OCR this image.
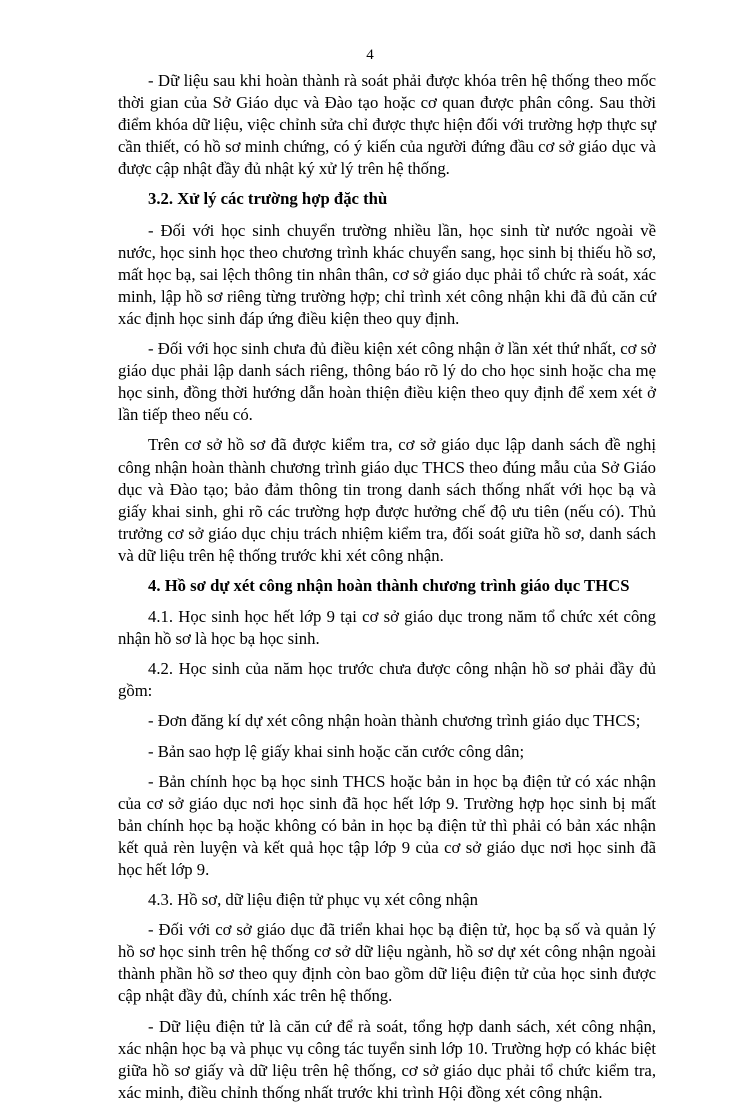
4

- Dữ liệu sau khi hoàn thành rà soát phải được khóa trên hệ thống theo mốc thời gian của Sở Giáo dục và Đào tạo hoặc cơ quan được phân công. Sau thời điểm khóa dữ liệu, việc chỉnh sửa chỉ được thực hiện đối với trường hợp thực sự cần thiết, có hồ sơ minh chứng, có ý kiến của người đứng đầu cơ sở giáo dục và được cập nhật đầy đủ nhật ký xử lý trên hệ thống.

3.2. Xử lý các trường hợp đặc thù

- Đối với học sinh chuyển trường nhiều lần, học sinh từ nước ngoài về nước, học sinh học theo chương trình khác chuyển sang, học sinh bị thiếu hồ sơ, mất học bạ, sai lệch thông tin nhân thân, cơ sở giáo dục phải tổ chức rà soát, xác minh, lập hồ sơ riêng từng trường hợp; chỉ trình xét công nhận khi đã đủ căn cứ xác định học sinh đáp ứng điều kiện theo quy định.

- Đối với học sinh chưa đủ điều kiện xét công nhận ở lần xét thứ nhất, cơ sở giáo dục phải lập danh sách riêng, thông báo rõ lý do cho học sinh hoặc cha mẹ học sinh, đồng thời hướng dẫn hoàn thiện điều kiện theo quy định để xem xét ở lần tiếp theo nếu có.

Trên cơ sở hồ sơ đã được kiểm tra, cơ sở giáo dục lập danh sách đề nghị công nhận hoàn thành chương trình giáo dục THCS theo đúng mẫu của Sở Giáo dục và Đào tạo; bảo đảm thông tin trong danh sách thống nhất với học bạ và giấy khai sinh, ghi rõ các trường hợp được hưởng chế độ ưu tiên (nếu có). Thủ trưởng cơ sở giáo dục chịu trách nhiệm kiểm tra, đối soát giữa hồ sơ, danh sách và dữ liệu trên hệ thống trước khi xét công nhận.

4. Hồ sơ dự xét công nhận hoàn thành chương trình giáo dục THCS

4.1. Học sinh học hết lớp 9 tại cơ sở giáo dục trong năm tổ chức xét công nhận hồ sơ là học bạ học sinh.

4.2. Học sinh của năm học trước chưa được công nhận hồ sơ phải đầy đủ gồm:

- Đơn đăng kí dự xét công nhận hoàn thành chương trình giáo dục THCS;

- Bản sao hợp lệ giấy khai sinh hoặc căn cước công dân;

- Bản chính học bạ học sinh THCS hoặc bản in học bạ điện tử có xác nhận của cơ sở giáo dục nơi học sinh đã học hết lớp 9. Trường hợp học sinh bị mất bản chính học bạ hoặc không có bản in học bạ điện tử thì phải có bản xác nhận kết quả rèn luyện và kết quả học tập lớp 9 của cơ sở giáo dục nơi học sinh đã học hết lớp 9.

4.3. Hồ sơ, dữ liệu điện tử phục vụ xét công nhận

- Đối với cơ sở giáo dục đã triển khai học bạ điện tử, học bạ số và quản lý hồ sơ học sinh trên hệ thống cơ sở dữ liệu ngành, hồ sơ dự xét công nhận ngoài thành phần hồ sơ theo quy định còn bao gồm dữ liệu điện tử của học sinh được cập nhật đầy đủ, chính xác trên hệ thống.

- Dữ liệu điện tử là căn cứ để rà soát, tổng hợp danh sách, xét công nhận, xác nhận học bạ và phục vụ công tác tuyển sinh lớp 10. Trường hợp có khác biệt giữa hồ sơ giấy và dữ liệu trên hệ thống, cơ sở giáo dục phải tổ chức kiểm tra, xác minh, điều chỉnh thống nhất trước khi trình Hội đồng xét công nhận.
